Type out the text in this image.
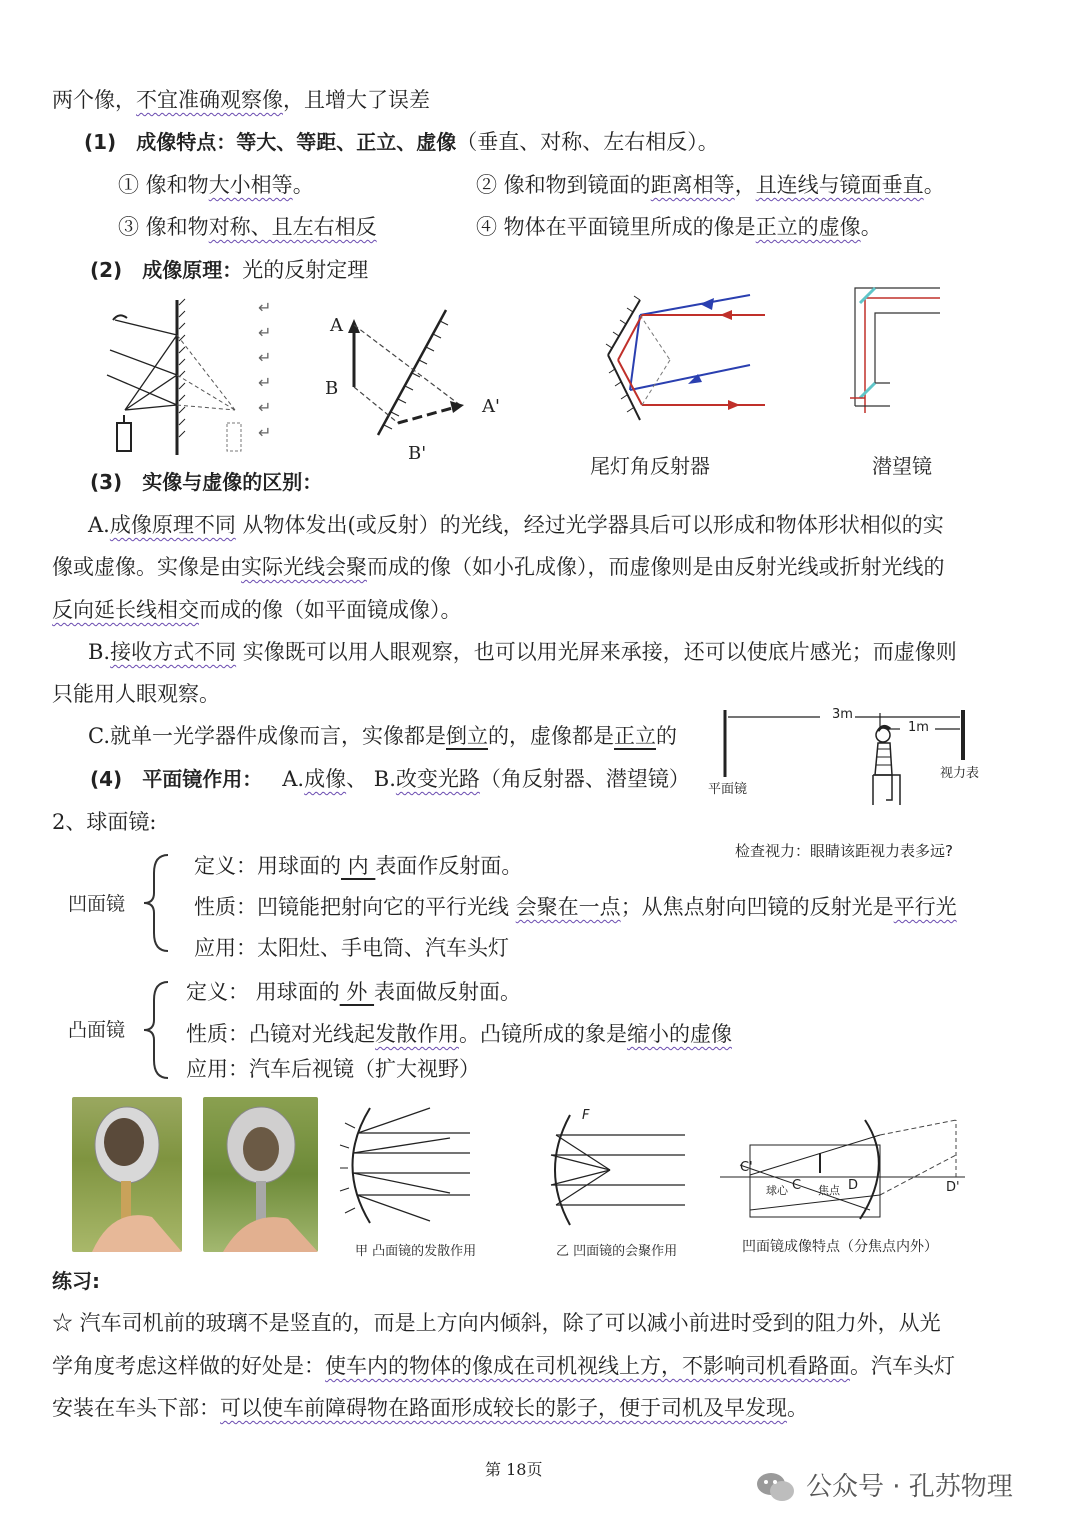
两个像，不宜准确观察像，且增大了误差
(1) 成像特点：等大、等距、正立、虚像（垂直、对称、左右相反）。
① 像和物大小相等。	② 像和物到镜面的距离相等，且连线与镜面垂直。
③ 像和物对称、且左右相反	④ 物体在平面镜里所成的像是正立的虚像。
(2) 成像原理：光的反射定理
↵
↵
↵
↵
↵
↵
A
B
A'
B'
尾灯角反射器	潜望镜
(3) 实像与虚像的区别：
A.成像原理不同 从物体发出(或反射）的光线，经过光学器具后可以形成和物体形状相似的实
像或虚像。实像是由实际光线会聚而成的像（如小孔成像），而虚像则是由反射光线或折射光线的
反向延长线相交而成的像（如平面镜成像）。
B.接收方式不同 实像既可以用人眼观察，也可以用光屏来承接，还可以使底片感光；而虚像则
只能用人眼观察。
C.就单一光学器件成像而言，实像都是倒立的，虚像都是正立的
(4) 平面镜作用： A.成像、 B.改变光路（角反射器、潜望镜）
3m
1m
平面镜
视力表
检查视力：眼睛该距视力表多远?
2、球面镜:
凹面镜
定义：用球面的 内 表面作反射面。
性质：凹镜能把射向它的平行光线 会聚在一点；从焦点射向凹镜的反射光是平行光
应用：太阳灶、手电筒、汽车头灯
凸面镜
定义： 用球面的 外 表面做反射面。
性质：凸镜对光线起发散作用。凸镜所成的象是缩小的虚像
应用：汽车后视镜（扩大视野）
甲 凸面镜的发散作用
F
乙 凹面镜的会聚作用
C'
C
球心	焦点 D	D'
凹面镜成像特点（分焦点内外）
练习:
☆ 汽车司机前的玻璃不是竖直的，而是上方向内倾斜，除了可以减小前进时受到的阻力外，从光
学角度考虑这样做的好处是：使车内的物体的像成在司机视线上方，不影响司机看路面。汽车头灯
安装在车头下部：可以使车前障碍物在路面形成较长的影子，便于司机及早发现。
第 18页
公众号 · 孔苏物理
